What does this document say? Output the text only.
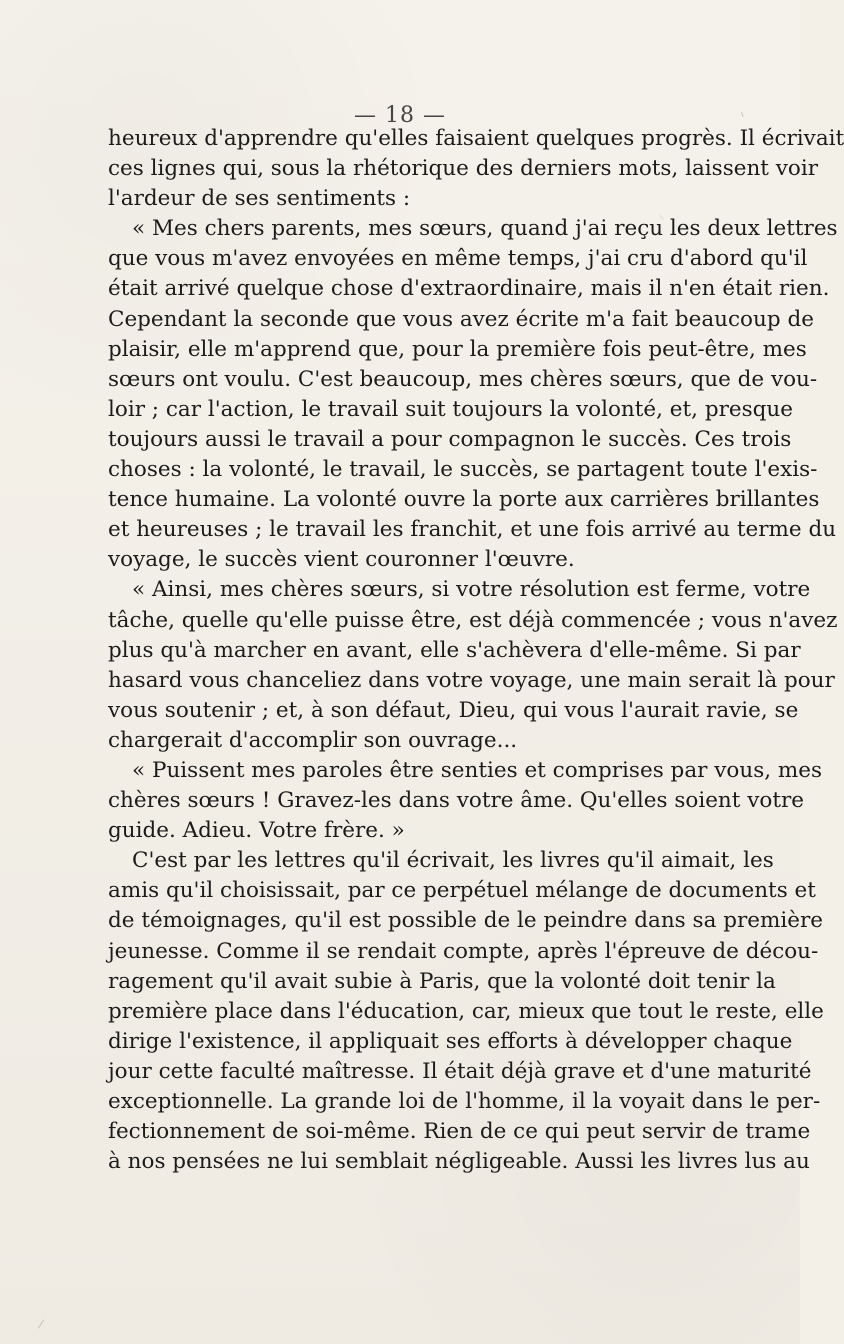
— 18 —
heureux d'apprendre qu'elles faisaient quelques progrès. Il écrivait
ces lignes qui, sous la rhétorique des derniers mots, laissent voir
l'ardeur de ses sentiments :
« Mes chers parents, mes sœurs, quand j'ai reçu les deux lettres
que vous m'avez envoyées en même temps, j'ai cru d'abord qu'il
était arrivé quelque chose d'extraordinaire, mais il n'en était rien.
Cependant la seconde que vous avez écrite m'a fait beaucoup de
plaisir, elle m'apprend que, pour la première fois peut-être, mes
sœurs ont voulu. C'est beaucoup, mes chères sœurs, que de vou-
loir ; car l'action, le travail suit toujours la volonté, et, presque
toujours aussi le travail a pour compagnon le succès. Ces trois
choses : la volonté, le travail, le succès, se partagent toute l'exis-
tence humaine. La volonté ouvre la porte aux carrières brillantes
et heureuses ; le travail les franchit, et une fois arrivé au terme du
voyage, le succès vient couronner l'œuvre.
« Ainsi, mes chères sœurs, si votre résolution est ferme, votre
tâche, quelle qu'elle puisse être, est déjà commencée ; vous n'avez
plus qu'à marcher en avant, elle s'achèvera d'elle-même. Si par
hasard vous chanceliez dans votre voyage, une main serait là pour
vous soutenir ; et, à son défaut, Dieu, qui vous l'aurait ravie, se
chargerait d'accomplir son ouvrage...
« Puissent mes paroles être senties et comprises par vous, mes
chères sœurs ! Gravez-les dans votre âme. Qu'elles soient votre
guide. Adieu. Votre frère. »
C'est par les lettres qu'il écrivait, les livres qu'il aimait, les
amis qu'il choisissait, par ce perpétuel mélange de documents et
de témoignages, qu'il est possible de le peindre dans sa première
jeunesse. Comme il se rendait compte, après l'épreuve de décou-
ragement qu'il avait subie à Paris, que la volonté doit tenir la
première place dans l'éducation, car, mieux que tout le reste, elle
dirige l'existence, il appliquait ses efforts à développer chaque
jour cette faculté maîtresse. Il était déjà grave et d'une maturité
exceptionnelle. La grande loi de l'homme, il la voyait dans le per-
fectionnement de soi-même. Rien de ce qui peut servir de trame
à nos pensées ne lui semblait négligeable. Aussi les livres lus au
